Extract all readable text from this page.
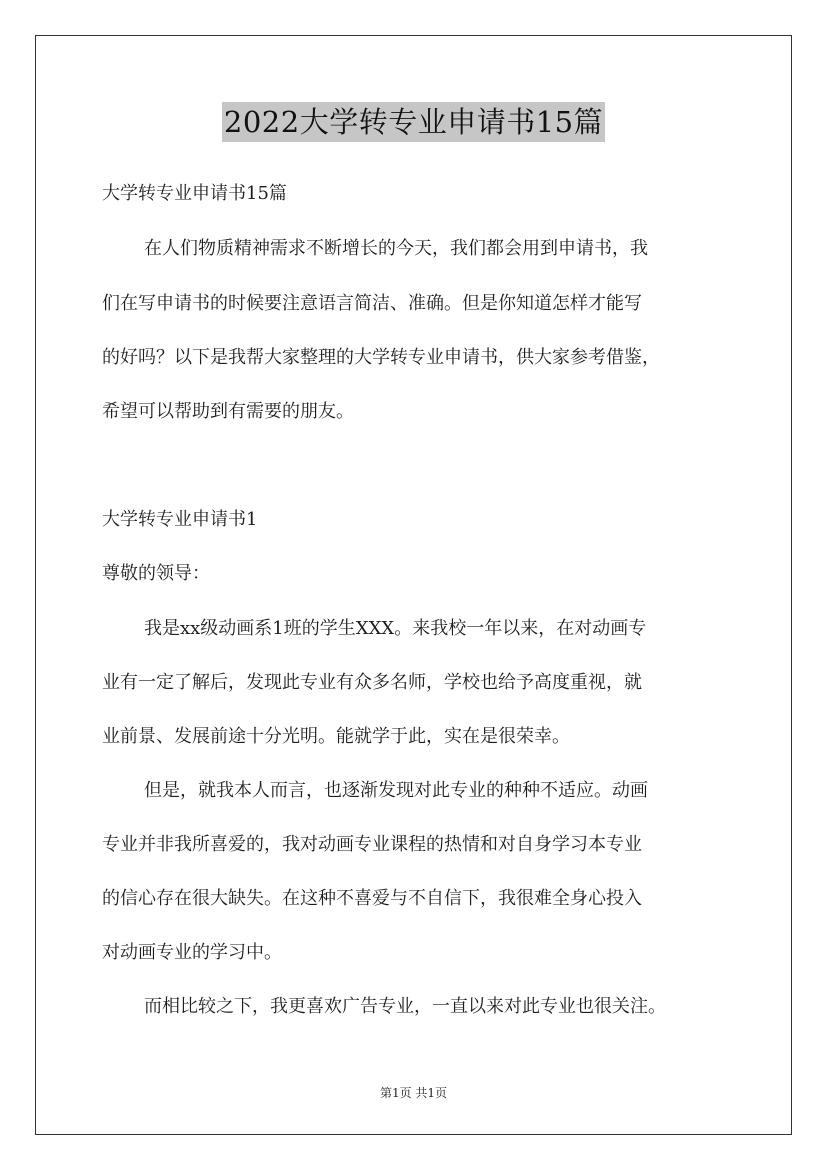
2022大学转专业申请书15篇
大学转专业申请书15篇
在人们物质精神需求不断增长的今天，我们都会用到申请书，我
们在写申请书的时候要注意语言简洁、准确。但是你知道怎样才能写
的好吗？以下是我帮大家整理的大学转专业申请书，供大家参考借鉴，
希望可以帮助到有需要的朋友。
大学转专业申请书1
尊敬的领导：
我是xx级动画系1班的学生XXX。来我校一年以来，在对动画专
业有一定了解后，发现此专业有众多名师，学校也给予高度重视，就
业前景、发展前途十分光明。能就学于此，实在是很荣幸。
但是，就我本人而言，也逐渐发现对此专业的种种不适应。动画
专业并非我所喜爱的，我对动画专业课程的热情和对自身学习本专业
的信心存在很大缺失。在这种不喜爱与不自信下，我很难全身心投入
对动画专业的学习中。
而相比较之下，我更喜欢广告专业，一直以来对此专业也很关注。
第1页 共1页
